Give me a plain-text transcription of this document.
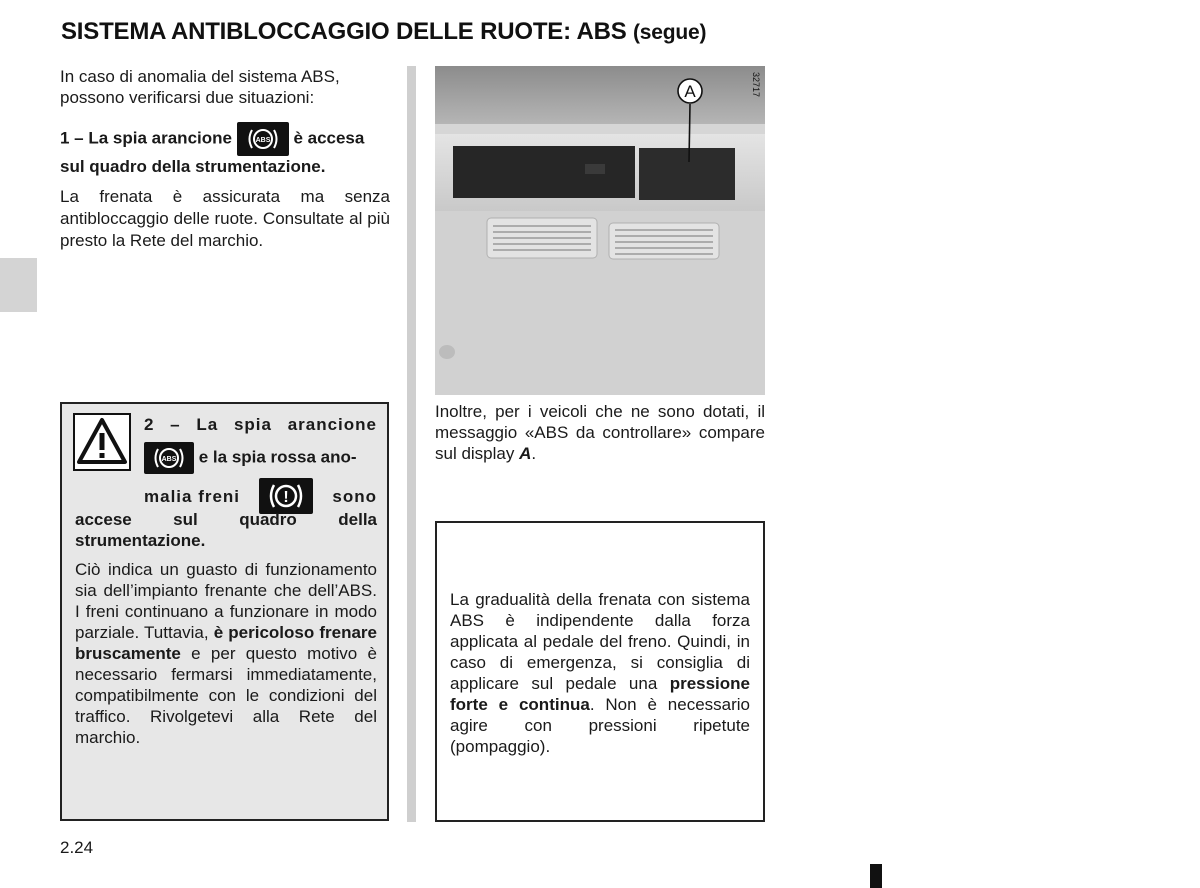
SISTEMA ANTIBLOCCAGGIO DELLE RUOTE: ABS (segue)

In caso di anomalia del sistema ABS, possono verificarsi due situazioni:

1 – La spia arancione	ABS è accesa
sul quadro della strumentazione.

La frenata è assicurata ma senza antibloccaggio delle ruote. Consultate al più presto la Rete del marchio.

2 – La spia arancione
ABS e la spia rossa ano-
malia freni	!	sono
accese sul quadro della strumentazione.
Ciò indica un guasto di funzionamento sia dell’impianto frenante che dell’ABS. I freni continuano a funzionare in modo parziale. Tuttavia, è pericoloso frenare bruscamente e per questo motivo è necessario fermarsi immediatamente, compatibilmente con le condizioni del traffico. Rivolgetevi alla Rete del marchio.
A	32717
Inoltre, per i veicoli che ne sono dotati, il messaggio «ABS da controllare» compare sul display A.
La gradualità della frenata con sistema ABS è indipendente dalla forza applicata al pedale del freno. Quindi, in caso di emergenza, si consiglia di applicare sul pedale una pressione forte e continua. Non è necessario agire con pressioni ripetute (pompaggio).
2.24
